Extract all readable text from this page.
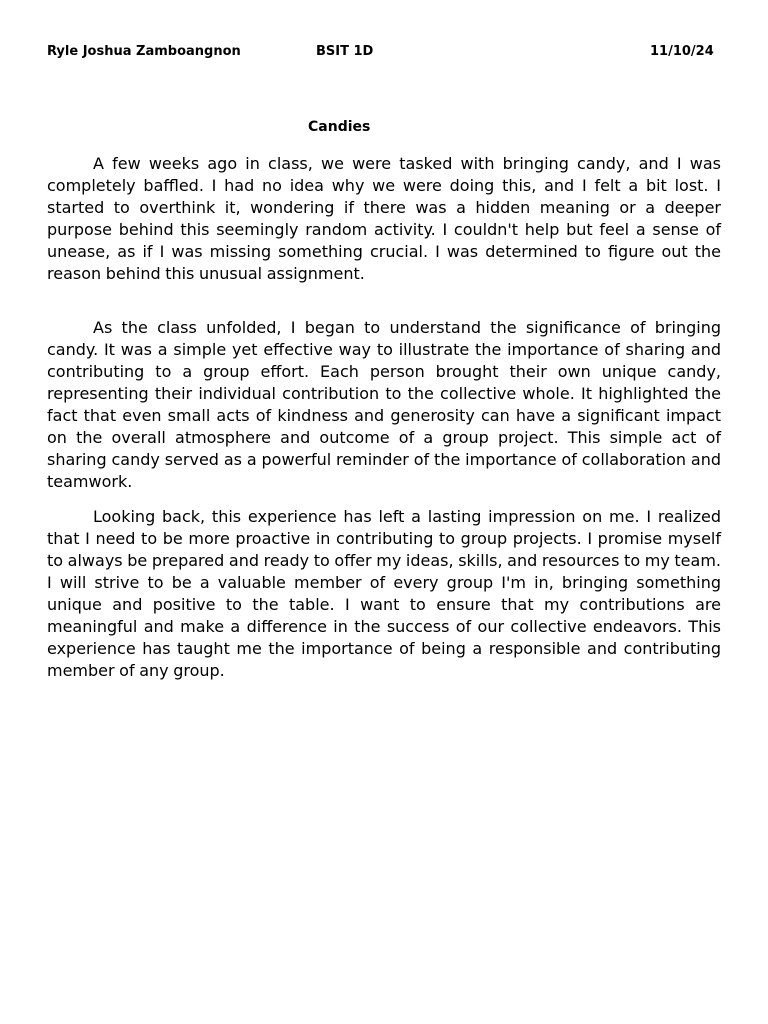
Ryle Joshua Zamboangnon	BSIT 1D	11/10/24
Candies

A few weeks ago in class, we were tasked with bringing candy, and I was completely baffled. I had no idea why we were doing this, and I felt a bit lost. I started to overthink it, wondering if there was a hidden meaning or a deeper purpose behind this seemingly random activity. I couldn't help but feel a sense of unease, as if I was missing something crucial. I was determined to figure out the reason behind this unusual assignment.

As the class unfolded, I began to understand the significance of bringing candy. It was a simple yet effective way to illustrate the importance of sharing and contributing to a group effort. Each person brought their own unique candy, representing their individual contribution to the collective whole. It highlighted the fact that even small acts of kindness and generosity can have a significant impact on the overall atmosphere and outcome of a group project. This simple act of sharing candy served as a powerful reminder of the importance of collaboration and teamwork.

Looking back, this experience has left a lasting impression on me. I realized that I need to be more proactive in contributing to group projects. I promise myself to always be prepared and ready to offer my ideas, skills, and resources to my team. I will strive to be a valuable member of every group I'm in, bringing something unique and positive to the table. I want to ensure that my contributions are meaningful and make a difference in the success of our collective endeavors. This experience has taught me the importance of being a responsible and contributing member of any group.
